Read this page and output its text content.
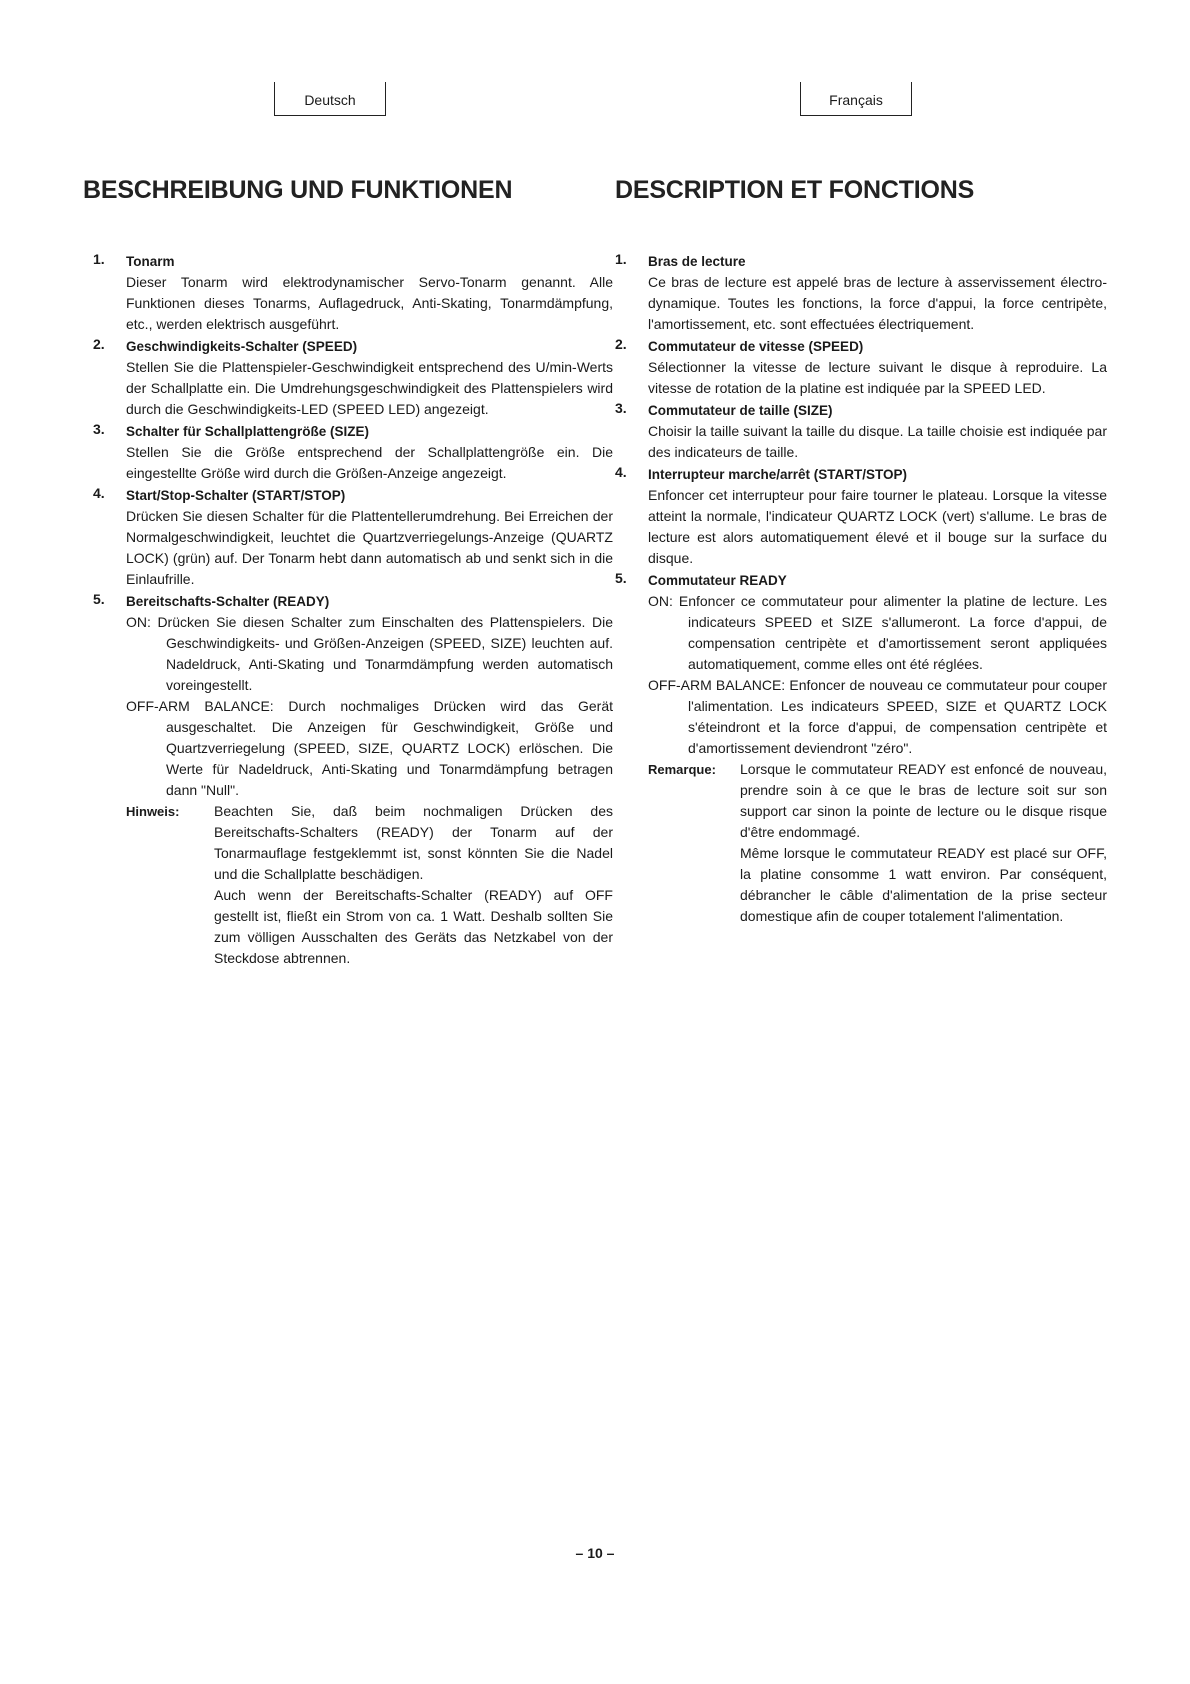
Deutsch	Français
BESCHREIBUNG UND FUNKTIONEN
1. Tonarm

Dieser Tonarm wird elektrodynamischer Servo-Tonarm genannt. Alle Funktionen dieses Tonarms, Auflagedruck, Anti-Skating, Tonarmdämpfung, etc., werden elektrisch ausgeführt.

2. Geschwindigkeits-Schalter (SPEED)

Stellen Sie die Plattenspieler-Geschwindigkeit entsprechend des U/min-Werts der Schallplatte ein. Die Umdrehungsgeschwindigkeit des Plattenspielers wird durch die Geschwindigkeits-LED (SPEED LED) angezeigt.

3. Schalter für Schallplattengröße (SIZE)

Stellen Sie die Größe entsprechend der Schallplattengröße ein. Die eingestellte Größe wird durch die Größen-Anzeige angezeigt.

4. Start/Stop-Schalter (START/STOP)

Drücken Sie diesen Schalter für die Plattentellerumdrehung. Bei Erreichen der Normalgeschwindigkeit, leuchtet die Quartzverriegelungs-Anzeige (QUARTZ LOCK) (grün) auf. Der Tonarm hebt dann automatisch ab und senkt sich in die Einlaufrille.

5. Bereitschafts-Schalter (READY)

ON: Drücken Sie diesen Schalter zum Einschalten des Plattenspielers. Die Geschwindigkeits- und Größen-Anzeigen (SPEED, SIZE) leuchten auf. Nadeldruck, Anti-Skating und Tonarmdämpfung werden automatisch voreingestellt.

OFF-ARM BALANCE: Durch nochmaliges Drücken wird das Gerät ausgeschaltet. Die Anzeigen für Geschwindigkeit, Größe und Quartzverriegelung (SPEED, SIZE, QUARTZ LOCK) erlöschen. Die Werte für Nadeldruck, Anti-Skating und Tonarmdämpfung betragen dann "Null".

Hinweis: Beachten Sie, daß beim nochmaligen Drücken des Bereitschafts-Schalters (READY) der Tonarm auf der Tonarmauflage festgeklemmt ist, sonst könnten Sie die Nadel und die Schallplatte beschädigen.

Auch wenn der Bereitschafts-Schalter (READY) auf OFF gestellt ist, fließt ein Strom von ca. 1 Watt. Deshalb sollten Sie zum völligen Ausschalten des Geräts das Netzkabel von der Steckdose abtrennen.

DESCRIPTION ET FONCTIONS
1. Bras de lecture

Ce bras de lecture est appelé bras de lecture à asservissement électro-dynamique. Toutes les fonctions, la force d'appui, la force centripète, l'amortissement, etc. sont effectuées électriquement.

2. Commutateur de vitesse (SPEED)

Sélectionner la vitesse de lecture suivant le disque à reproduire. La vitesse de rotation de la platine est indiquée par la SPEED LED.

3. Commutateur de taille (SIZE)

Choisir la taille suivant la taille du disque. La taille choisie est indiquée par des indicateurs de taille.

4. Interrupteur marche/arrêt (START/STOP)

Enfoncer cet interrupteur pour faire tourner le plateau. Lorsque la vitesse atteint la normale, l'indicateur QUARTZ LOCK (vert) s'allume. Le bras de lecture est alors automatiquement élevé et il bouge sur la surface du disque.

5. Commutateur READY

ON: Enfoncer ce commutateur pour alimenter la platine de lecture. Les indicateurs SPEED et SIZE s'allumeront. La force d'appui, de compensation centripète et d'amortissement seront appliquées automatiquement, comme elles ont été réglées.

OFF-ARM BALANCE: Enfoncer de nouveau ce commutateur pour couper l'alimentation. Les indicateurs SPEED, SIZE et QUARTZ LOCK s'éteindront et la force d'appui, de compensation centripète et d'amortissement deviendront "zéro".

Remarque: Lorsque le commutateur READY est enfoncé de nouveau, prendre soin à ce que le bras de lecture soit sur son support car sinon la pointe de lecture ou le disque risque d'être endommagé.

Même lorsque le commutateur READY est placé sur OFF, la platine consomme 1 watt environ. Par conséquent, débrancher le câble d'alimentation de la prise secteur domestique afin de couper totalement l'alimentation.

– 10 –
